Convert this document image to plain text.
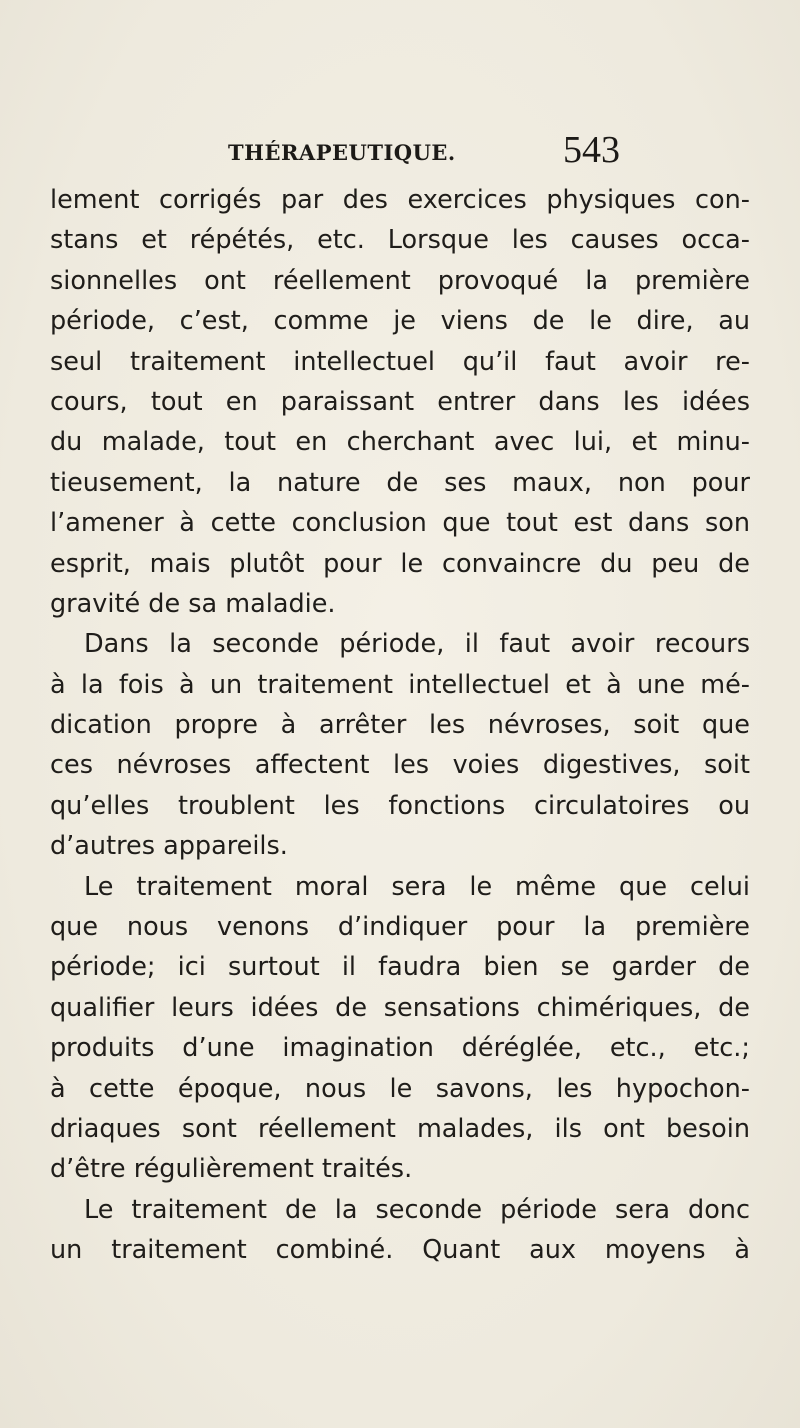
THÉRAPEUTIQUE.	543
lement corrigés par des exercices physiques con-
stans et répétés, etc. Lorsque les causes occa-
sionnelles ont réellement provoqué la première
période, c’est, comme je viens de le dire, au
seul traitement intellectuel qu’il faut avoir re-
cours, tout en paraissant entrer dans les idées
du malade, tout en cherchant avec lui, et minu-
tieusement, la nature de ses maux, non pour
l’amener à cette conclusion que tout est dans son
esprit, mais plutôt pour le convaincre du peu de
gravité de sa maladie.
Dans la seconde période, il faut avoir recours
à la fois à un traitement intellectuel et à une mé-
dication propre à arrêter les névroses, soit que
ces névroses affectent les voies digestives, soit
qu’elles troublent les fonctions circulatoires ou
d’autres appareils.
Le traitement moral sera le même que celui
que nous venons d’indiquer pour la première
période; ici surtout il faudra bien se garder de
qualifier leurs idées de sensations chimériques, de
produits d’une imagination déréglée, etc., etc.;
à cette époque, nous le savons, les hypochon-
driaques sont réellement malades, ils ont besoin
d’être régulièrement traités.
Le traitement de la seconde période sera donc
un traitement combiné. Quant aux moyens à
